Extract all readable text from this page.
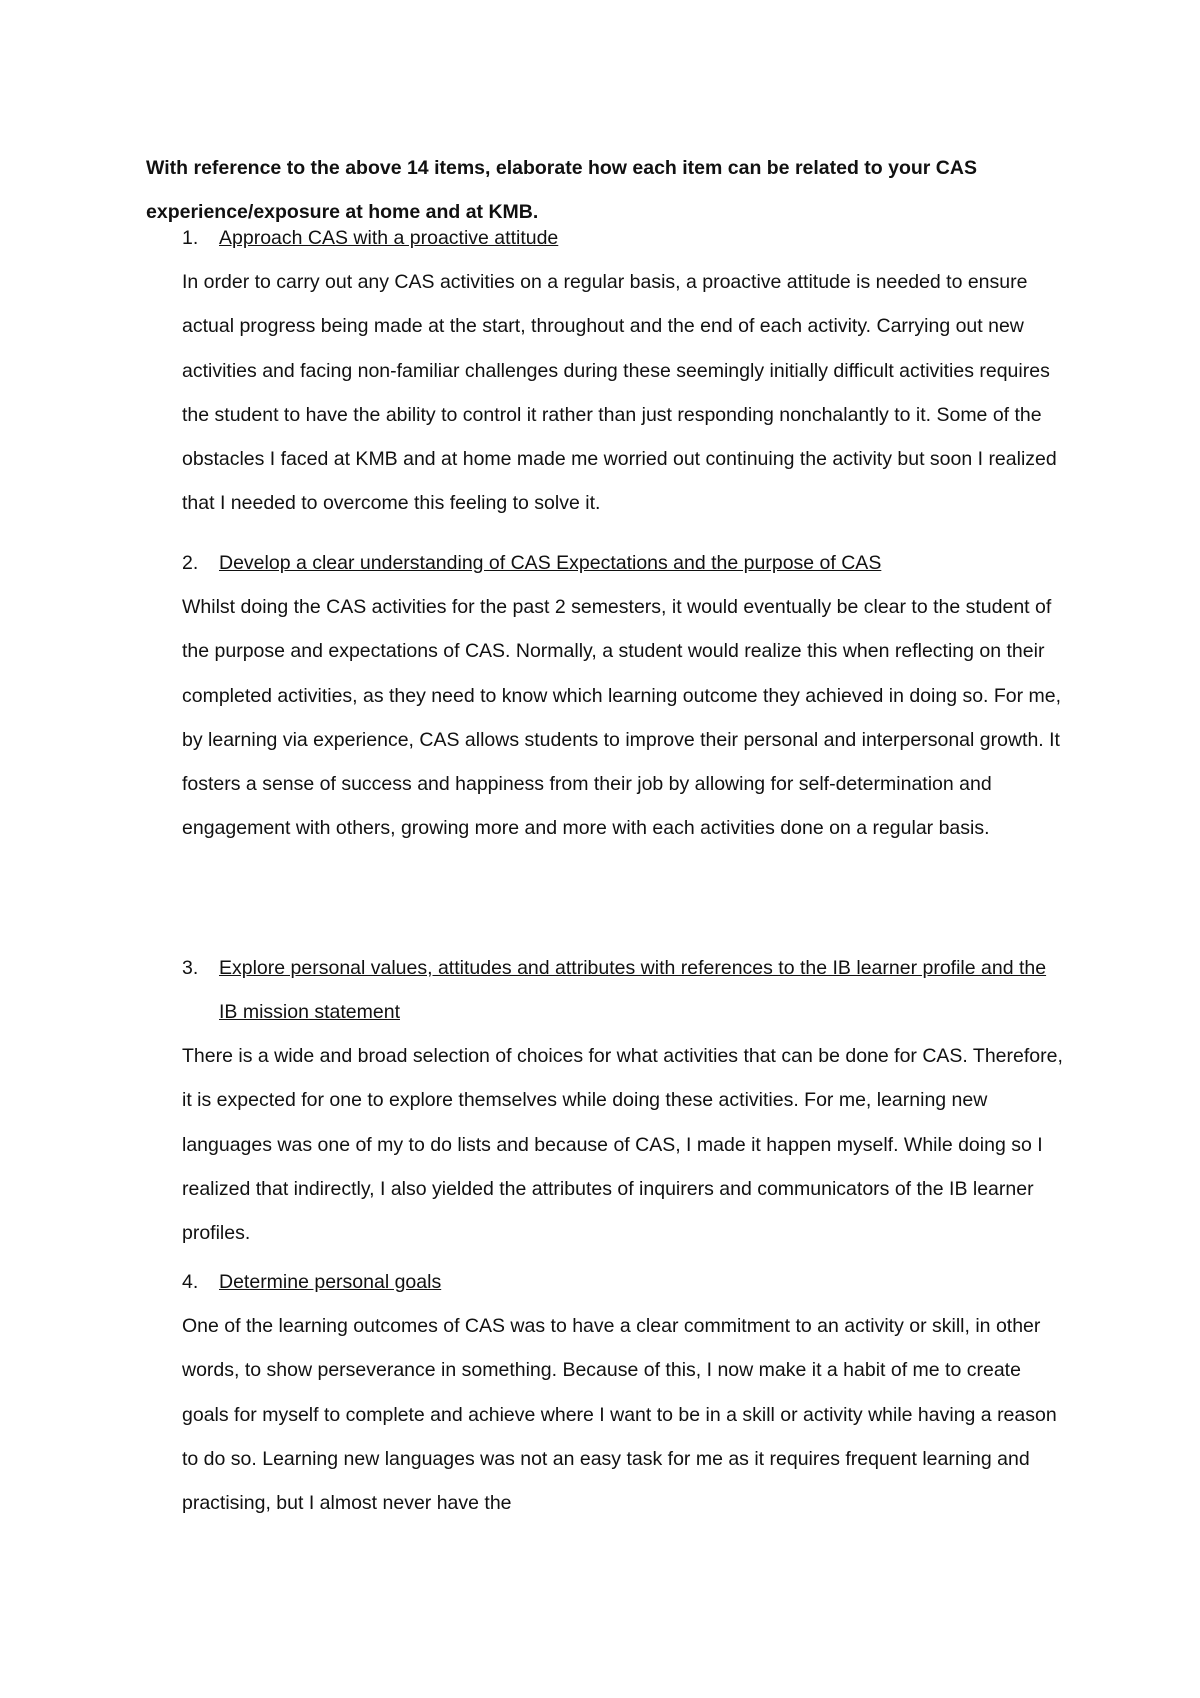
With reference to the above 14 items, elaborate how each item can be related to your CAS experience/exposure at home and at KMB.

1.	Approach CAS with a proactive attitude

In order to carry out any CAS activities on a regular basis, a proactive attitude is needed to ensure actual progress being made at the start, throughout and the end of each activity. Carrying out new activities and facing non-familiar challenges during these seemingly initially difficult activities requires the student to have the ability to control it rather than just responding nonchalantly to it. Some of the obstacles I faced at KMB and at home made me worried out continuing the activity but soon I realized that I needed to overcome this feeling to solve it.

2.	Develop a clear understanding of CAS Expectations and the purpose of CAS

Whilst doing the CAS activities for the past 2 semesters, it would eventually be clear to the student of the purpose and expectations of CAS. Normally, a student would realize this when reflecting on their completed activities, as they need to know which learning outcome they achieved in doing so. For me, by learning via experience, CAS allows students to improve their personal and interpersonal growth. It fosters a sense of success and happiness from their job by allowing for self-determination and engagement with others, growing more and more with each activities done on a regular basis.

3.	Explore personal values, attitudes and attributes with references to the IB learner profile and the IB mission statement

There is a wide and broad selection of choices for what activities that can be done for CAS. Therefore, it is expected for one to explore themselves while doing these activities. For me, learning new languages was one of my to do lists and because of CAS, I made it happen myself. While doing so I realized that indirectly, I also yielded the attributes of inquirers and communicators of the IB learner profiles.

4.	Determine personal goals

One of the learning outcomes of CAS was to have a clear commitment to an activity or skill, in other words, to show perseverance in something. Because of this, I now make it a habit of me to create goals for myself to complete and achieve where I want to be in a skill or activity while having a reason to do so. Learning new languages was not an easy task for me as it requires frequent learning and practising, but I almost never have the
